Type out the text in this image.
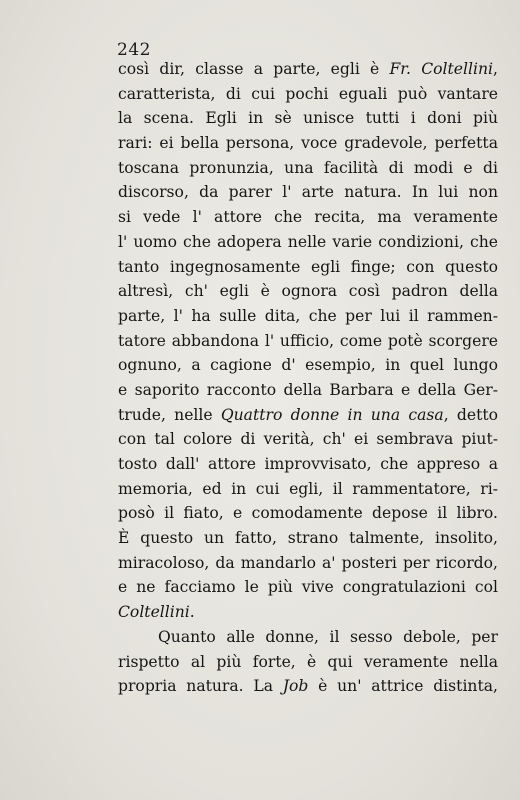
242
così dir, classe a parte, egli è Fr. Coltellini,
caratterista, di cui pochi eguali può vantare
la scena. Egli in sè unisce tutti i doni più
rari: ei bella persona, voce gradevole, perfetta
toscana pronunzia, una facilità di modi e di
discorso, da parer l' arte natura. In lui non
si vede l' attore che recita, ma veramente
l' uomo che adopera nelle varie condizioni, che
tanto ingegnosamente egli finge; con questo
altresì, ch' egli è ognora così padron della
parte, l' ha sulle dita, che per lui il rammen-
tatore abbandona l' ufficio, come potè scorgere
ognuno, a cagione d' esempio, in quel lungo
e saporito racconto della Barbara e della Ger-
trude, nelle Quattro donne in una casa, detto
con tal colore di verità, ch' ei sembrava piut-
tosto dall' attore improvvisato, che appreso a
memoria, ed in cui egli, il rammentatore, ri-
posò il fiato, e comodamente depose il libro.
È questo un fatto, strano talmente, insolito,
miracoloso, da mandarlo a' posteri per ricordo,
e ne facciamo le più vive congratulazioni col
Coltellini.
Quanto alle donne, il sesso debole, per
rispetto al più forte, è qui veramente nella
propria natura. La Job è un' attrice distinta,
